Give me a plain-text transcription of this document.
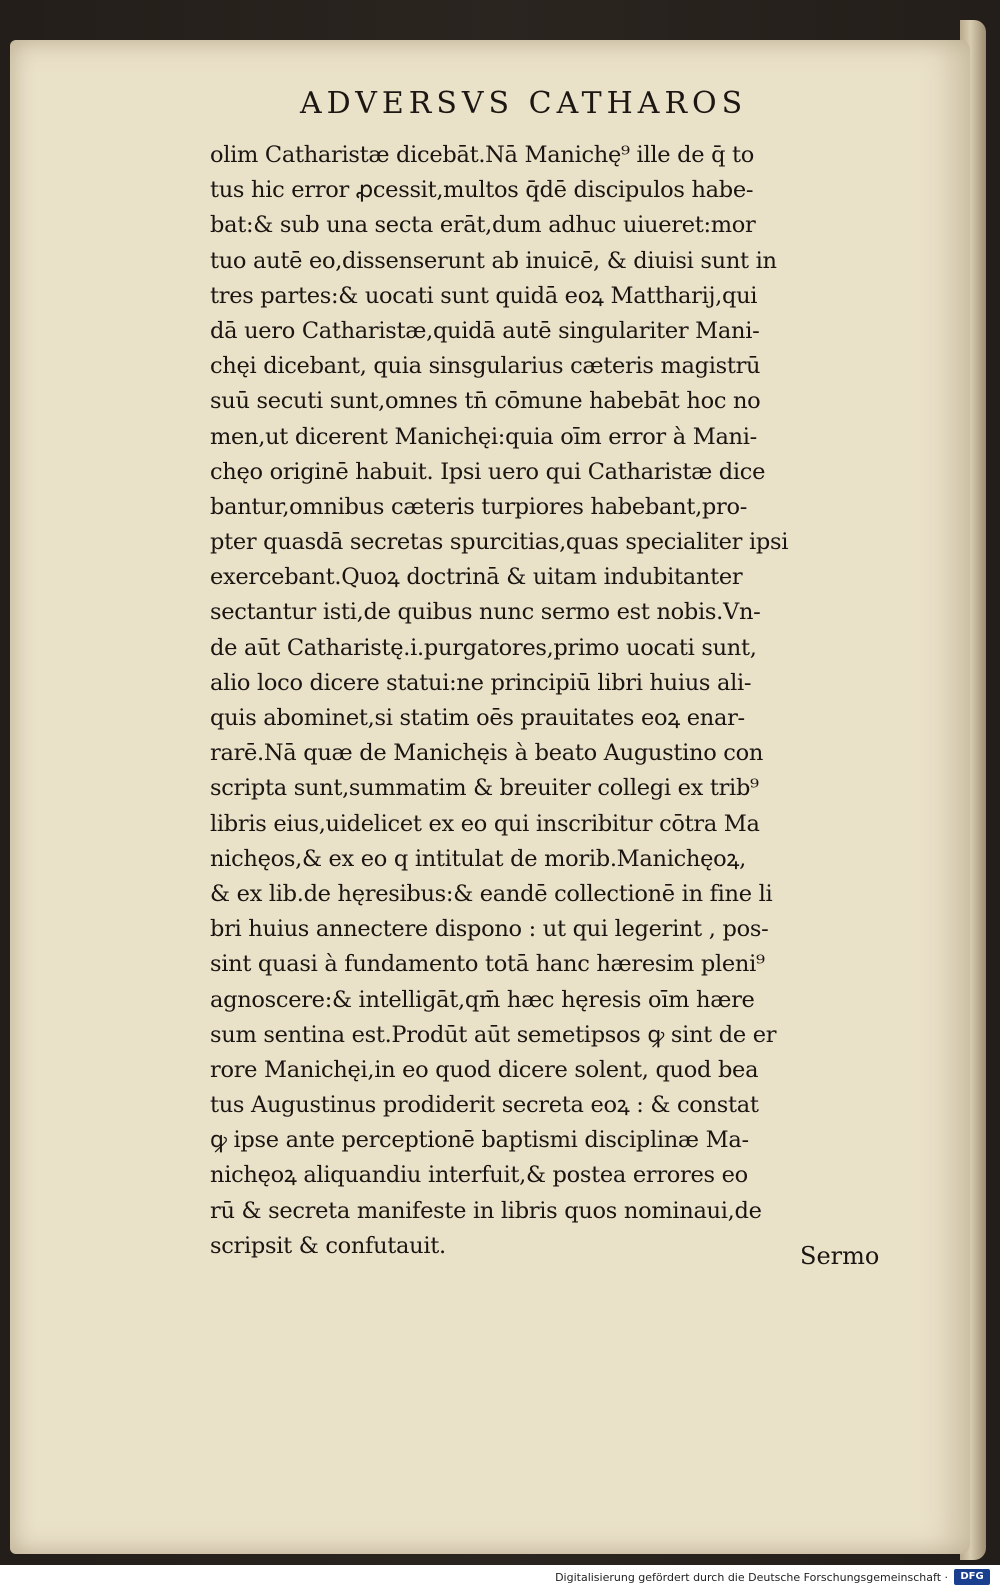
ADVERSVS CATHAROS
olim Catharistæ dicebāt.Nā Manichę⁹ ille de q̄ to
tus hic error ꝓcessit,multos q̄dē discipulos habe-
bat:& sub una secta erāt,dum adhuc uiueret:mor
tuo autē eo,dissenserunt ab inuicē, & diuisi sunt in
tres partes:& uocati sunt quidā eoꝝ Mattharij,qui
dā uero Catharistæ,quidā autē singulariter Mani-
chęi dicebant, quia sinsgularius cæteris magistrū
suū secuti sunt,omnes tn̄ cōmune habebāt hoc no
men,ut dicerent Manichęi:quia oīm error à Mani-
chęo originē habuit. Ipsi uero qui Catharistæ dice
bantur,omnibus cæteris turpiores habebant,pro-
pter quasdā secretas spurcitias,quas specialiter ipsi
exercebant.Quoꝝ doctrinā & uitam indubitanter
sectantur isti,de quibus nunc sermo est nobis.Vn-
de aūt Catharistę.i.purgatores,primo uocati sunt,
alio loco dicere statui:ne principiū libri huius ali-
quis abominet,si statim oēs prauitates eoꝝ enar-
rarē.Nā quæ de Manichęis à beato Augustino con
scripta sunt,summatim & breuiter collegi ex trib⁹
libris eius,uidelicet ex eo qui inscribitur cōtra Ma
nichęos,& ex eo q intitulat de morib.Manichęoꝝ,
& ex lib.de hęresibus:& eandē collectionē in fine li
bri huius annectere dispono : ut qui legerint , pos-
sint quasi à fundamento totā hanc hæresim pleni⁹
agnoscere:& intelligāt,qm̄ hæc hęresis oīm hære
sum sentina est.Prodūt aūt semetipsos ꝙ sint de er
rore Manichęi,in eo quod dicere solent, quod bea
tus Augustinus prodiderit secreta eoꝝ : & constat
ꝙ ipse ante perceptionē baptismi disciplinæ Ma-
nichęoꝝ aliquandiu interfuit,& postea errores eo
rū & secreta manifeste in libris quos nominaui,de
scripsit & confutauit.	Sermo
Digitalisierung gefördert durch die Deutsche Forschungsgemeinschaft ·	DFG
